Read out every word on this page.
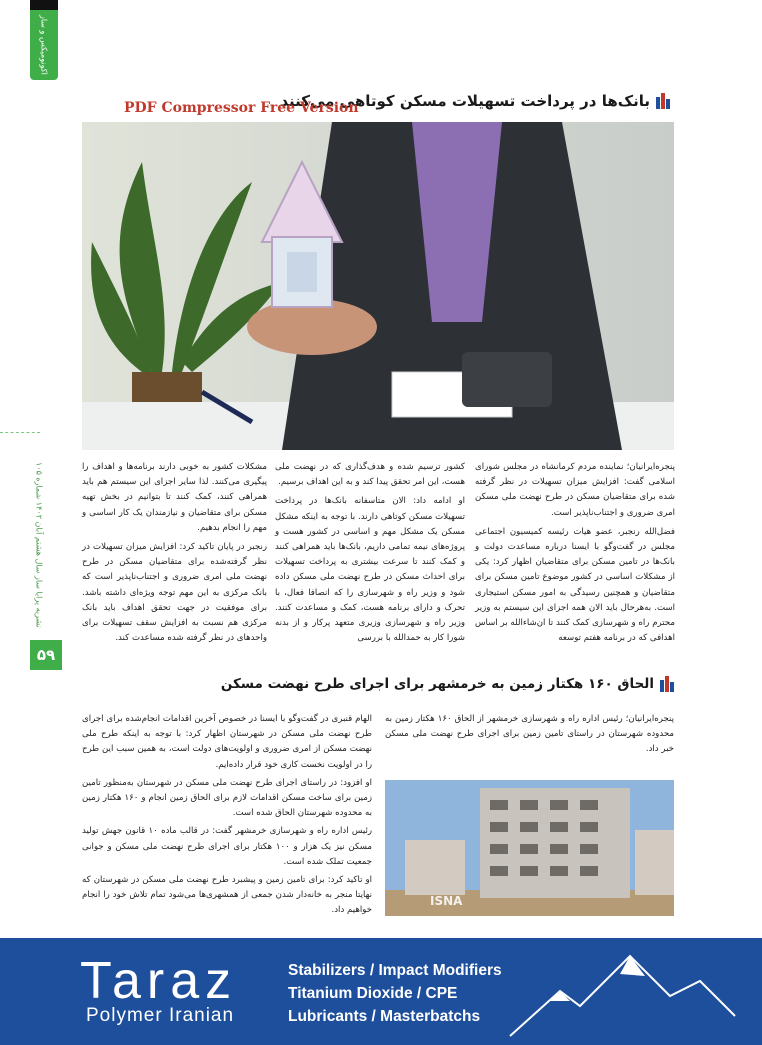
اکونومیکس و ساز
نشریه پرایا ساز سال هشتم آبان ۱۴۰۲ شماره ۱۰۵
۵۹
بانک‌ها در پرداخت تسهیلات مسکن کوتاهی می‌کنند
PDF Compressor Free Version

پنجره‌ایرانیان؛ نماینده مردم کرمانشاه در مجلس شورای اسلامی گفت: افزایش میزان تسهیلات در نظر گرفته شده برای متقاضیان مسکن در طرح نهضت ملی مسکن امری ضروری و اجتناب‌ناپذیر است.

فضل‌الله رنجبر، عضو هیات رئیسه کمیسیون اجتماعی مجلس در گفت‌وگو با ایسنا درباره مساعدت دولت و بانک‌ها در تامین مسکن برای متقاضیان اظهار کرد: یکی از مشکلات اساسی در کشور موضوع تامین مسکن برای متقاضیان و همچنین رسیدگی به امور مسکن استیجاری است. به‌هرحال باید الان همه اجزای این سیستم به وزیر محترم راه و شهرسازی کمک کنند تا ان‌شاءالله بر اساس اهدافی که در برنامه هفتم توسعه

کشور ترسیم شده و هدف‌گذاری که در نهضت ملی هست، این امر تحقق پیدا کند و به این اهداف برسیم.

او ادامه داد: الان متاسفانه بانک‌ها در پرداخت تسهیلات مسکن کوتاهی دارند. با توجه به اینکه مشکل مسکن یک مشکل مهم و اساسی در کشور هست و پروژه‌های نیمه تمامی داریم، بانک‌ها باید همراهی کنند و کمک کنند تا سرعت بیشتری به پرداخت تسهیلات برای احداث مسکن در طرح نهضت ملی مسکن داده شود و وزیر راه و شهرسازی را که انصافا فعال، با تحرک و دارای برنامه هست، کمک و مساعدت کنند. وزیر راه و شهرسازی وزیری متعهد پرکار و از بدنه شورا کار به حمدالله با بررسی

مشکلات کشور به خوبی دارند برنامه‌ها و اهداف را پیگیری می‌کنند. لذا سایر اجزای این سیستم هم باید همراهی کنند، کمک کنند تا بتوانیم در بخش تهیه مسکن برای متقاضیان و نیازمندان یک کار اساسی و مهم را انجام بدهیم.

رنجبر در پایان تاکید کرد: افزایش میزان تسهیلات در نظر گرفته‌شده برای متقاضیان مسکن در طرح نهضت ملی امری ضروری و اجتناب‌ناپذیر است که بانک مرکزی به این مهم توجه ویژه‌ای داشته باشد. برای موفقیت در جهت تحقق اهداف باید بانک مرکزی هم نسبت به افزایش سقف تسهیلات برای واحدهای در نظر گرفته شده مساعدت کند.

الحاق ۱۶۰ هکتار زمین به خرمشهر برای اجرای طرح نهضت مسکن

پنجره‌ایرانیان؛ رئیس اداره راه و شهرسازی خرمشهر از الحاق ۱۶۰ هکتار زمین به محدوده شهرستان در راستای تامین زمین برای اجرای طرح نهضت ملی مسکن خبر داد.

ISNA

الهام قنبری در گفت‌وگو با ایسنا در خصوص آخرین اقدامات انجام‌شده برای اجرای طرح نهضت ملی مسکن در شهرستان اظهار کرد: با توجه به اینکه طرح ملی نهضت مسکن از امری ضروری و اولویت‌های دولت است، به همین سبب این طرح را در اولویت نخست کاری خود قرار داده‌ایم.

او افزود: در راستای اجرای طرح نهضت ملی مسکن در شهرستان به‌منظور تامین زمین برای ساخت مسکن اقدامات لازم برای الحاق زمین انجام و ۱۶۰ هکتار زمین به محدوده شهرستان الحاق شده است.

رئیس اداره راه و شهرسازی خرمشهر گفت: در قالب ماده ۱۰ قانون جهش تولید مسکن نیز یک هزار و ۱۰۰ هکتار برای اجرای طرح نهضت ملی مسکن و جوانی جمعیت تملک شده است.

او تاکید کرد: برای تامین زمین و پیشبرد طرح نهضت ملی مسکن در شهرستان که نهایتا منجر به خانه‌دار شدن جمعی از همشهری‌ها می‌شود تمام تلاش خود را انجام خواهیم داد.

Taraz
Polymer Iranian
Stabilizers / Impact Modifiers
Titanium Dioxide / CPE
Lubricants / Masterbatchs
